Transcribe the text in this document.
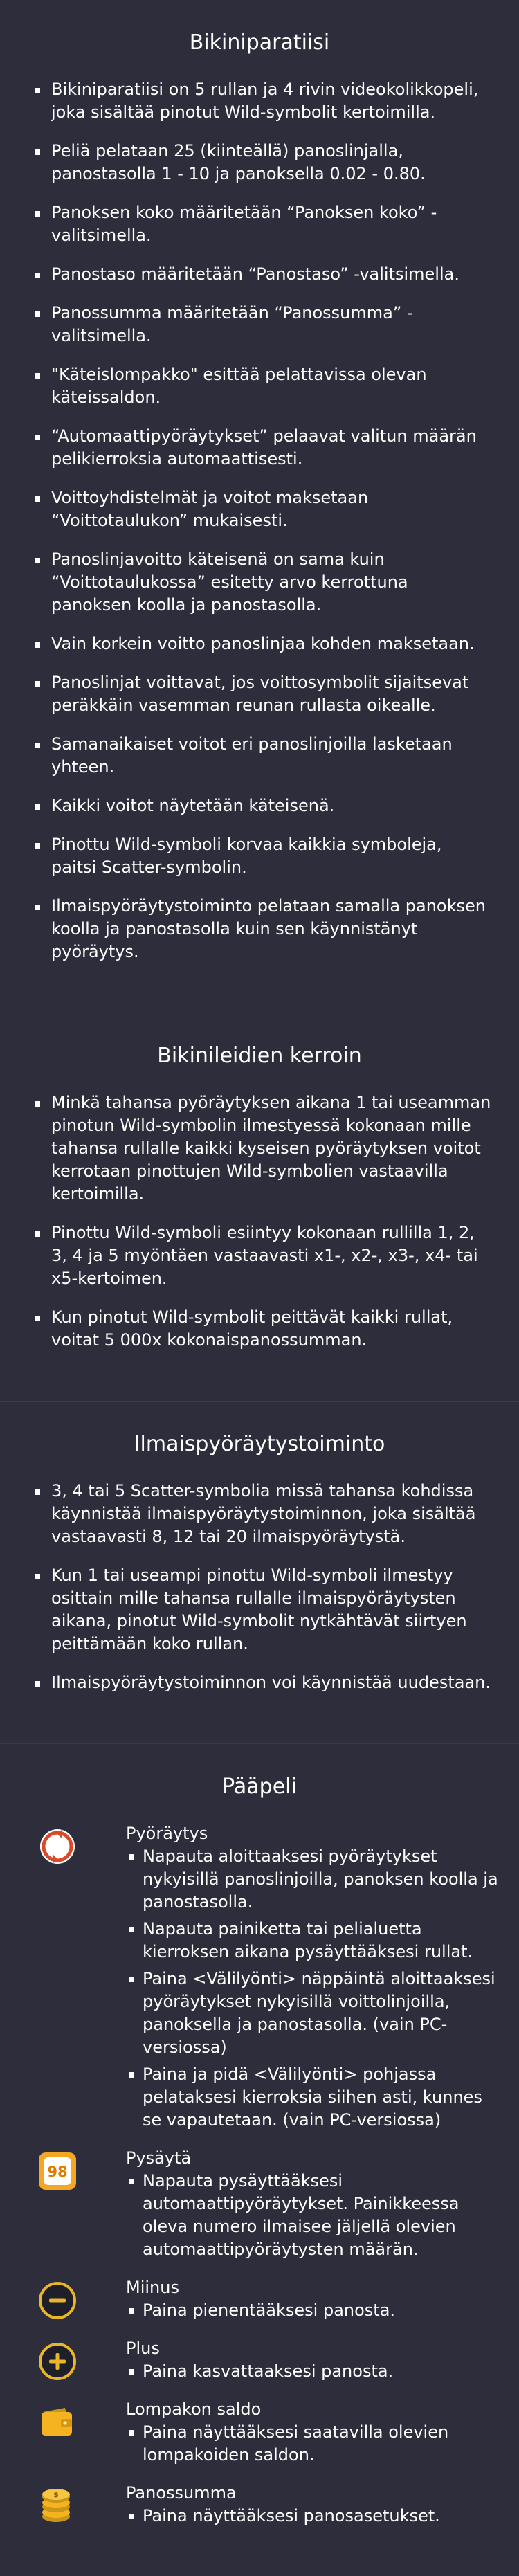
Bikiniparatiisi
Bikiniparatiisi on 5 rullan ja 4 rivin videokolikkopeli, joka sisältää pinotut Wild-symbolit kertoimilla.
Peliä pelataan 25 (kiinteällä) panoslinjalla, panostasolla 1 - 10 ja panoksella 0.02 - 0.80.
Panoksen koko määritetään “Panoksen koko” -valitsimella.
Panostaso määritetään “Panostaso” -valitsimella.
Panossumma määritetään “Panossumma” -valitsimella.
"Käteislompakko" esittää pelattavissa olevan käteissaldon.
“Automaattipyöräytykset” pelaavat valitun määrän pelikierroksia automaattisesti.
Voittoyhdistelmät ja voitot maksetaan “Voittotaulukon” mukaisesti.
Panoslinjavoitto käteisenä on sama kuin “Voittotaulukossa” esitetty arvo kerrottuna panoksen koolla ja panostasolla.
Vain korkein voitto panoslinjaa kohden maksetaan.
Panoslinjat voittavat, jos voittosymbolit sijaitsevat peräkkäin vasemman reunan rullasta oikealle.
Samanaikaiset voitot eri panoslinjoilla lasketaan yhteen.
Kaikki voitot näytetään käteisenä.
Pinottu Wild-symboli korvaa kaikkia symboleja, paitsi Scatter-symbolin.
Ilmaispyöräytystoiminto pelataan samalla panoksen koolla ja panostasolla kuin sen käynnistänyt pyöräytys.
Bikinileidien kerroin
Minkä tahansa pyöräytyksen aikana 1 tai useamman pinotun Wild-symbolin ilmestyessä kokonaan mille tahansa rullalle kaikki kyseisen pyöräytyksen voitot kerrotaan pinottujen Wild-symbolien vastaavilla kertoimilla.
Pinottu Wild-symboli esiintyy kokonaan rullilla 1, 2, 3, 4 ja 5 myöntäen vastaavasti x1-, x2-, x3-, x4- tai x5-kertoimen.
Kun pinotut Wild-symbolit peittävät kaikki rullat, voitat 5 000x kokonaispanossumman.
Ilmaispyöräytystoiminto
3, 4 tai 5 Scatter-symbolia missä tahansa kohdissa käynnistää ilmaispyöräytystoiminnon, joka sisältää vastaavasti 8, 12 tai 20 ilmaispyöräytystä.
Kun 1 tai useampi pinottu Wild-symboli ilmestyy osittain mille tahansa rullalle ilmaispyöräytysten aikana, pinotut Wild-symbolit nytkähtävät siirtyen peittämään koko rullan.
Ilmaispyöräytystoiminnon voi käynnistää uudestaan.
Pääpeli
Pyöräytys
Napauta aloittaaksesi pyöräytykset nykyisillä panoslinjoilla, panoksen koolla ja panostasolla.
Napauta painiketta tai pelialuetta kierroksen aikana pysäyttääksesi rullat.
Paina <Välilyönti> näppäintä aloittaaksesi pyöräytykset nykyisillä voittolinjoilla, panoksella ja panostasolla. (vain PC-versiossa)
Paina ja pidä <Välilyönti> pohjassa pelataksesi kierroksia siihen asti, kunnes se vapautetaan. (vain PC-versiossa)
98
Pysäytä
Napauta pysäyttääksesi automaattipyöräytykset. Painikkeessa oleva numero ilmaisee jäljellä olevien automaattipyöräytysten määrän.
Miinus
Paina pienentääksesi panosta.
Plus
Paina kasvattaaksesi panosta.
Lompakon saldo
Paina näyttääksesi saatavilla olevien lompakoiden saldon.
$	Panossumma
Paina näyttääksesi panosasetukset.
